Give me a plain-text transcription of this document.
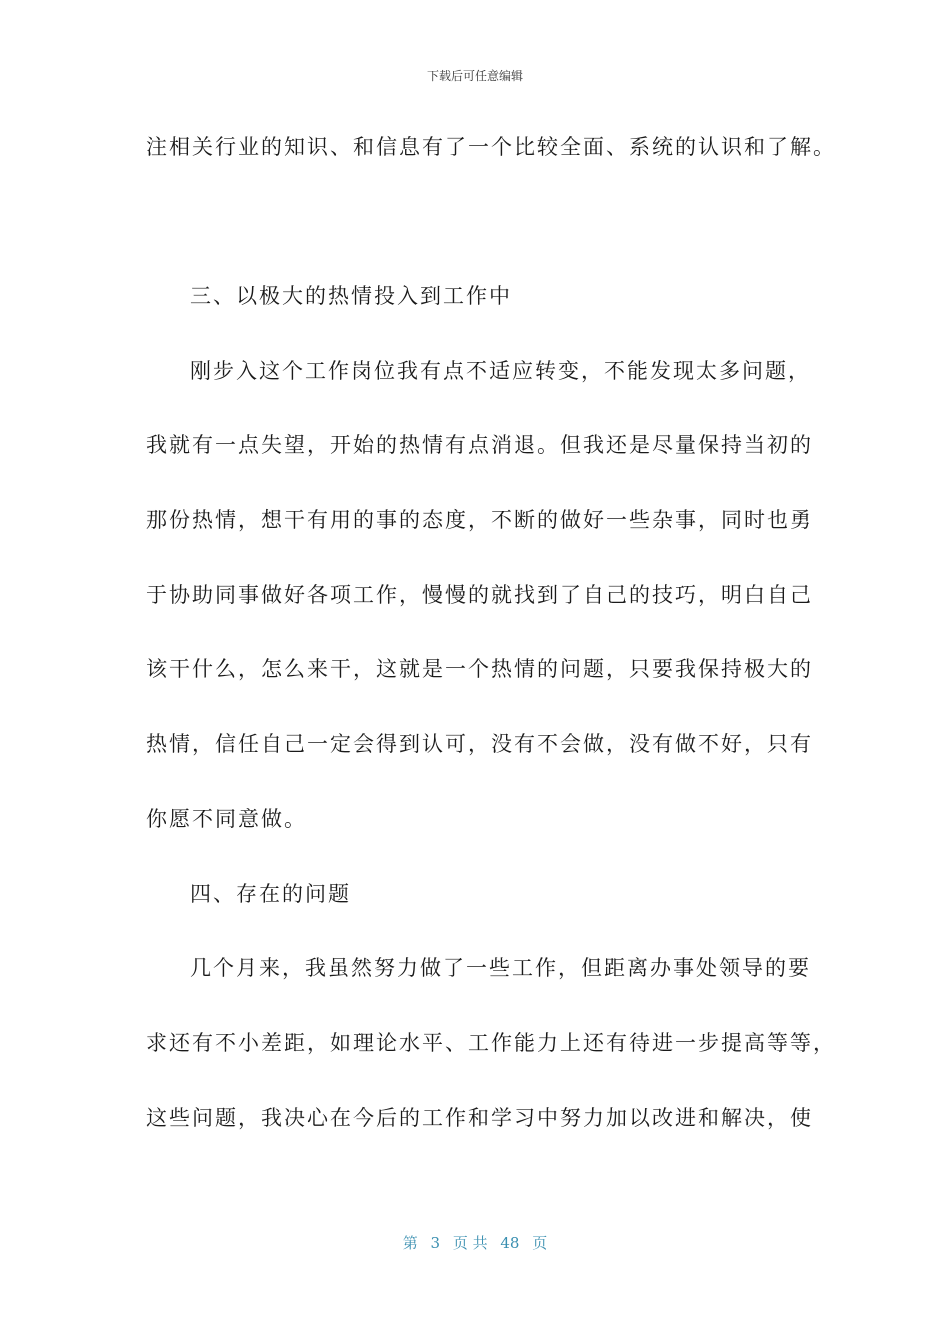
下载后可任意编辑
注相关行业的知识、和信息有了一个比较全面、系统的认识和了解。
三、以极大的热情投入到工作中
刚步入这个工作岗位我有点不适应转变，不能发现太多问题，
我就有一点失望，开始的热情有点消退。但我还是尽量保持当初的
那份热情，想干有用的事的态度，不断的做好一些杂事，同时也勇
于协助同事做好各项工作，慢慢的就找到了自己的技巧，明白自己
该干什么，怎么来干，这就是一个热情的问题，只要我保持极大的
热情，信任自己一定会得到认可，没有不会做，没有做不好，只有
你愿不同意做。
四、存在的问题
几个月来，我虽然努力做了一些工作，但距离办事处领导的要
求还有不小差距，如理论水平、工作能力上还有待进一步提高等等，
这些问题，我决心在今后的工作和学习中努力加以改进和解决，使
第 3 页 共 48 页
